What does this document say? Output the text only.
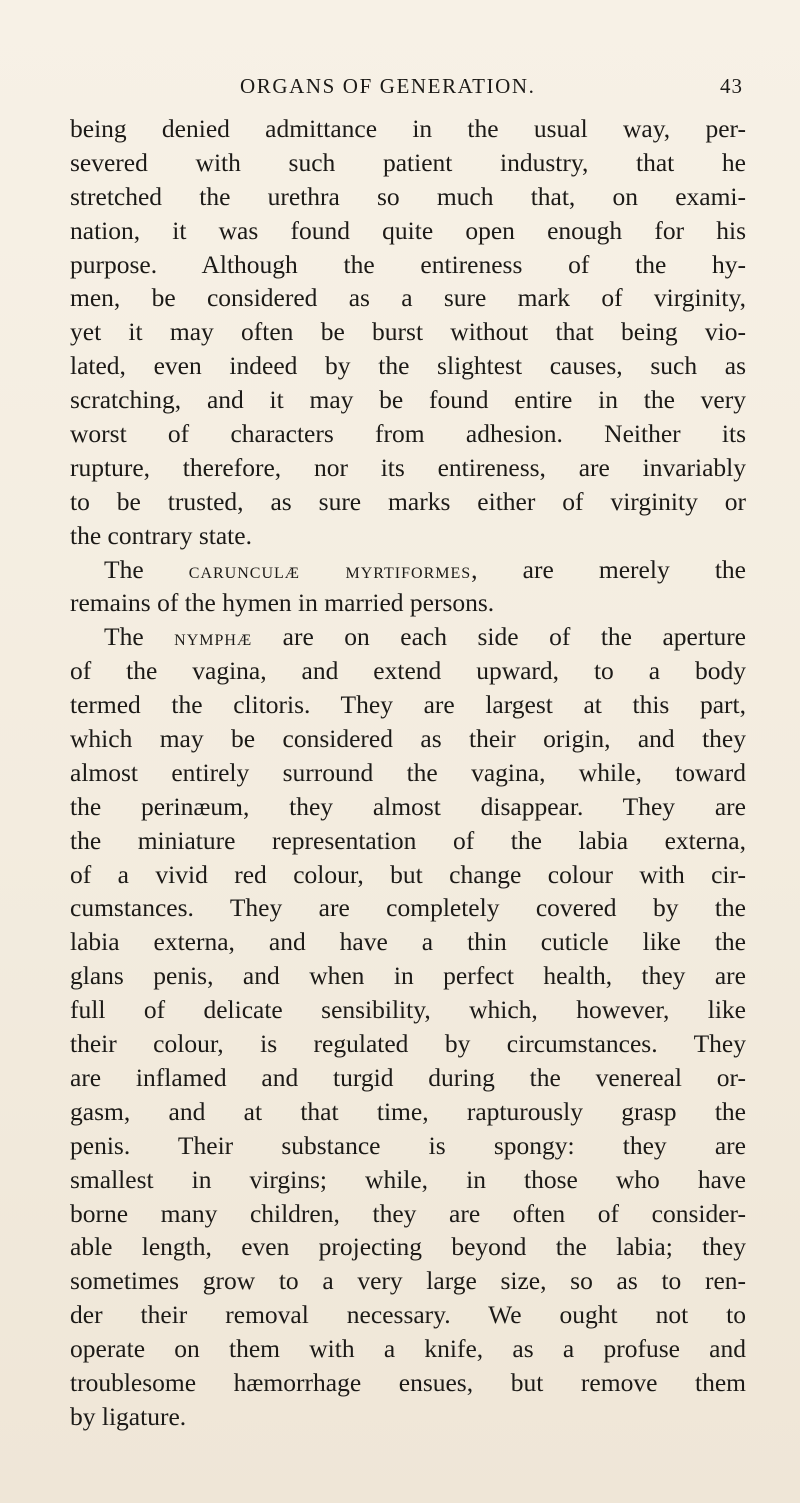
ORGANS OF GENERATION.	43
being denied admittance in the usual way, per-
severed with such patient industry, that he
stretched the urethra so much that, on exami-
nation, it was found quite open enough for his
purpose. Although the entireness of the hy-
men, be considered as a sure mark of virginity,
yet it may often be burst without that being vio-
lated, even indeed by the slightest causes, such as
scratching, and it may be found entire in the very
worst of characters from adhesion. Neither its
rupture, therefore, nor its entireness, are invariably
to be trusted, as sure marks either of virginity or
the contrary state.
The carunculæ myrtiformes, are merely the
remains of the hymen in married persons.
The nymphæ are on each side of the aperture
of the vagina, and extend upward, to a body
termed the clitoris. They are largest at this part,
which may be considered as their origin, and they
almost entirely surround the vagina, while, toward
the perinæum, they almost disappear. They are
the miniature representation of the labia externa,
of a vivid red colour, but change colour with cir-
cumstances. They are completely covered by the
labia externa, and have a thin cuticle like the
glans penis, and when in perfect health, they are
full of delicate sensibility, which, however, like
their colour, is regulated by circumstances. They
are inflamed and turgid during the venereal or-
gasm, and at that time, rapturously grasp the
penis. Their substance is spongy: they are
smallest in virgins; while, in those who have
borne many children, they are often of consider-
able length, even projecting beyond the labia; they
sometimes grow to a very large size, so as to ren-
der their removal necessary. We ought not to
operate on them with a knife, as a profuse and
troublesome hæmorrhage ensues, but remove them
by ligature.
